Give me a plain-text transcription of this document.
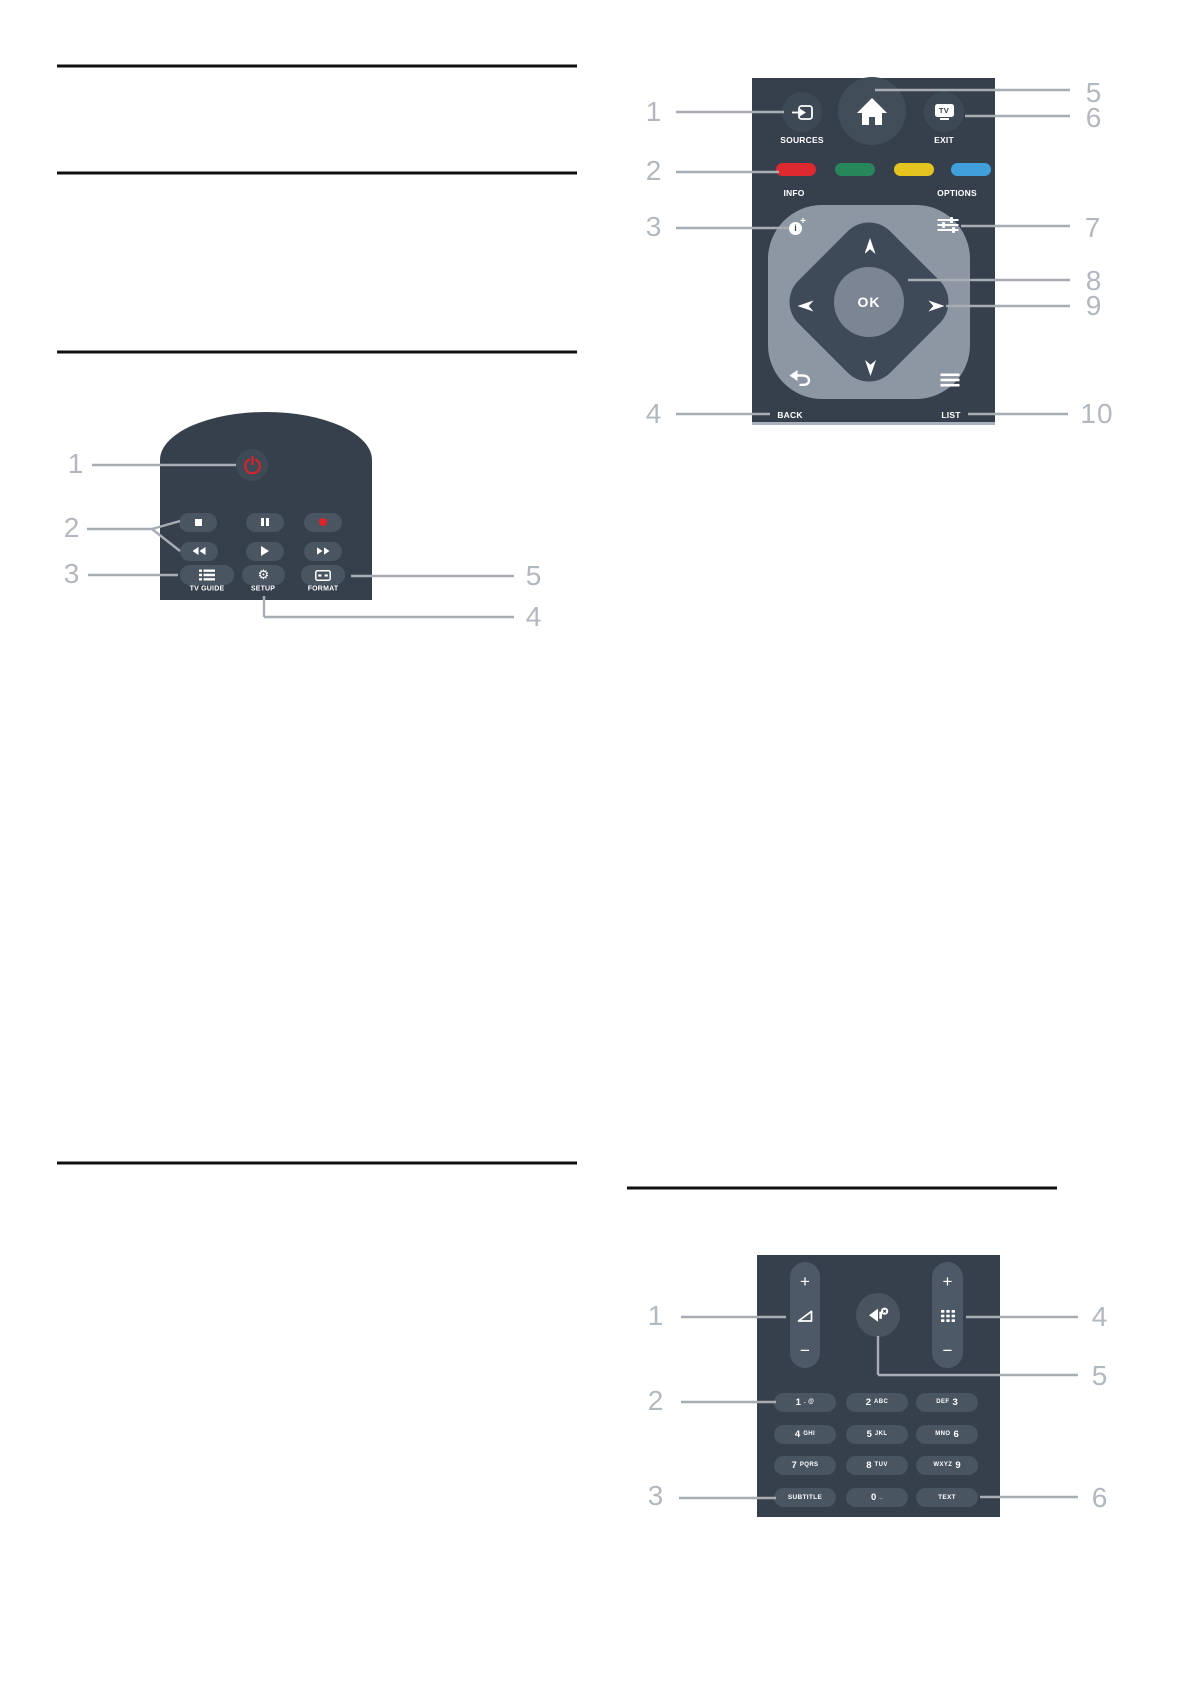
1
2
3
4
5
6
7
8
9
10
1
2
3
4
5
1
2
3
4
5
6
SOURCES
TV
EXIT
INFO	OPTIONS
i
+
OK
BACK	LIST
⚙
TV GUIDE	SETUP	FORMAT
+
−
+
−
1 . @	2 ABC	DEF 3
4 GHI	5 JKL	MNO 6
7 PQRS	8 TUV	WXYZ 9
SUBTITLE	0 _	TEXT
